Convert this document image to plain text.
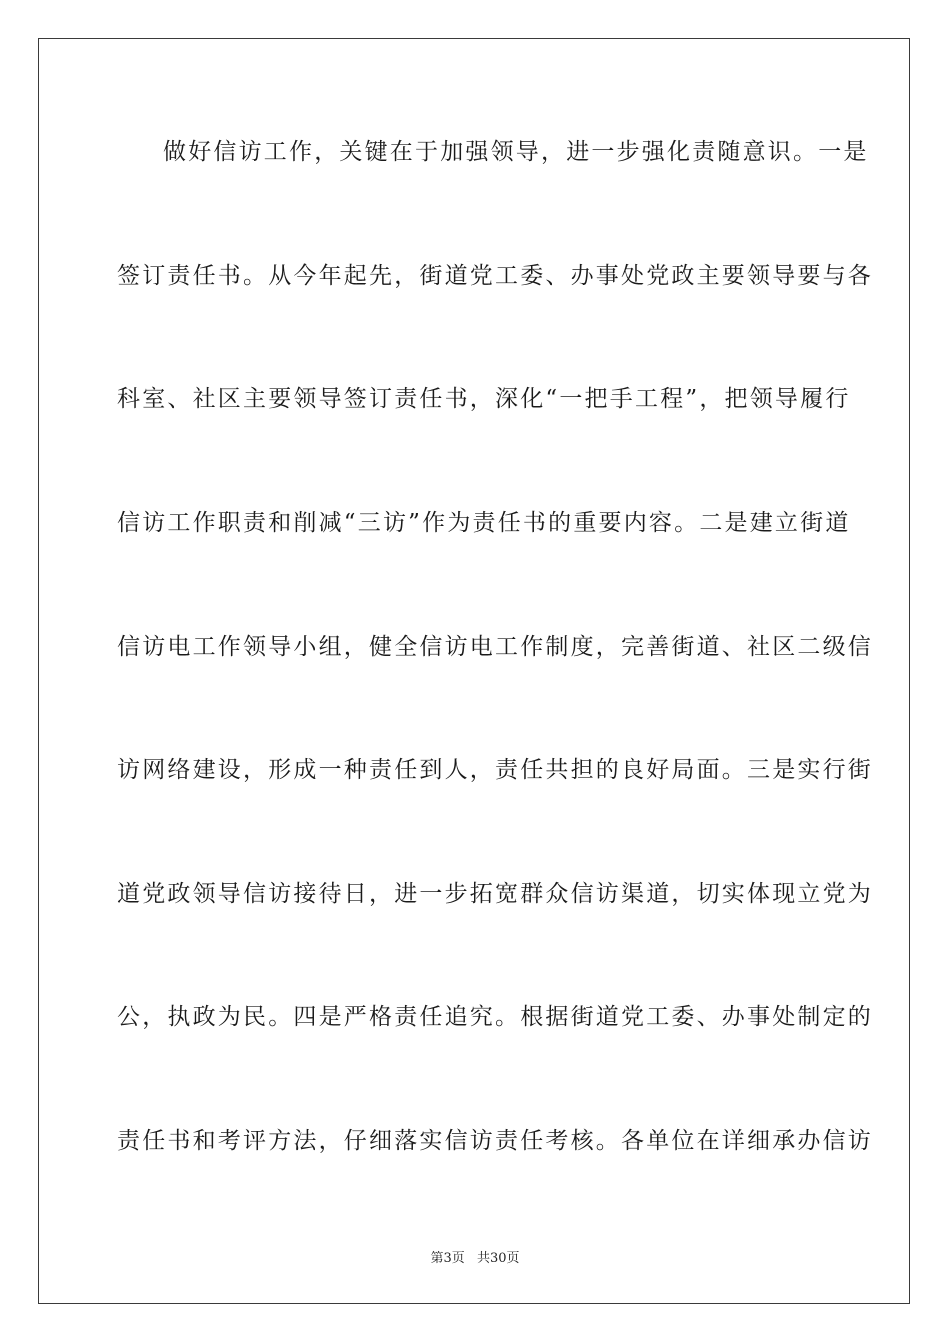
做好信访工作，关键在于加强领导，进一步强化责随意识。一是
签订责任书。从今年起先，街道党工委、办事处党政主要领导要与各
科室、社区主要领导签订责任书，深化“一把手工程”，把领导履行
信访工作职责和削减“三访”作为责任书的重要内容。二是建立街道
信访电工作领导小组，健全信访电工作制度，完善街道、社区二级信
访网络建设，形成一种责任到人，责任共担的良好局面。三是实行街
道党政领导信访接待日，进一步拓宽群众信访渠道，切实体现立党为
公，执政为民。四是严格责任追究。根据街道党工委、办事处制定的
责任书和考评方法，仔细落实信访责任考核。各单位在详细承办信访
第3页 共30页
